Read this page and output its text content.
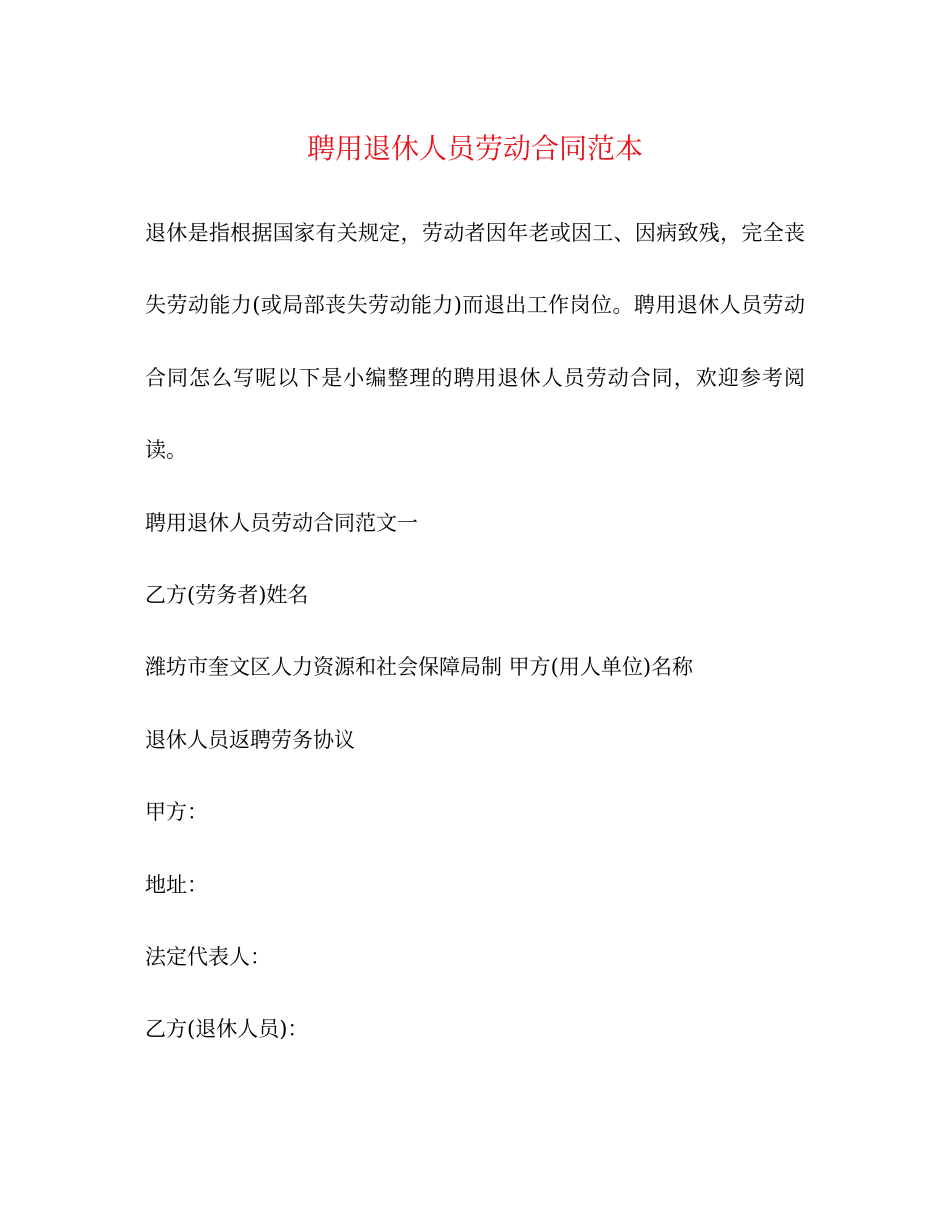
聘用退休人员劳动合同范本

退休是指根据国家有关规定，劳动者因年老或因工、因病致残，完全丧失劳动能力(或局部丧失劳动能力)而退出工作岗位。聘用退休人员劳动合同怎么写呢以下是小编整理的聘用退休人员劳动合同，欢迎参考阅读。

聘用退休人员劳动合同范文一

乙方(劳务者)姓名

潍坊市奎文区人力资源和社会保障局制 甲方(用人单位)名称

退休人员返聘劳务协议

甲方：

地址：

法定代表人：

乙方(退休人员)：
